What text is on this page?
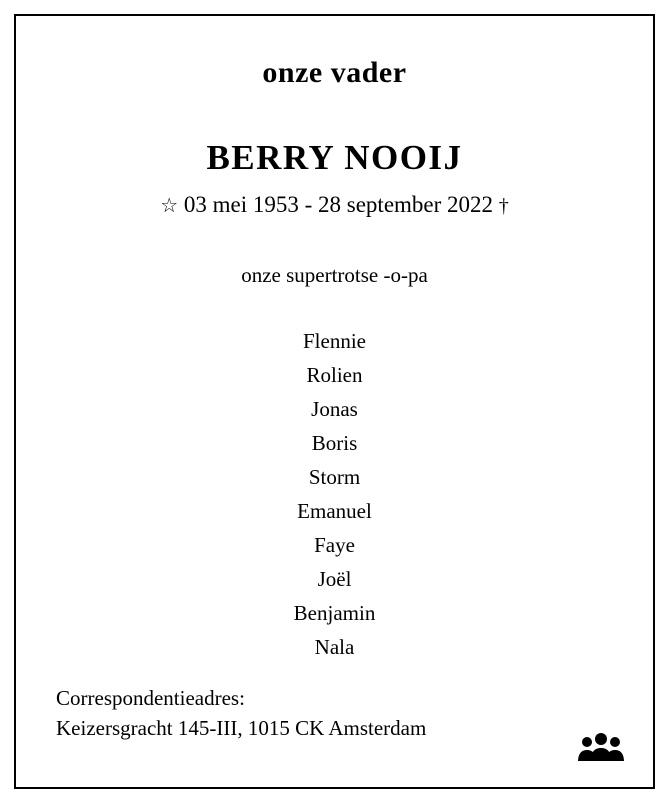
onze vader
BERRY NOOIJ
☆ 03 mei 1953 - 28 september 2022 †
onze supertrotse -o-pa
Flennie
Rolien
Jonas
Boris
Storm
Emanuel
Faye
Joël
Benjamin
Nala
Correspondentieadres:
Keizersgracht 145-III, 1015 CK Amsterdam
